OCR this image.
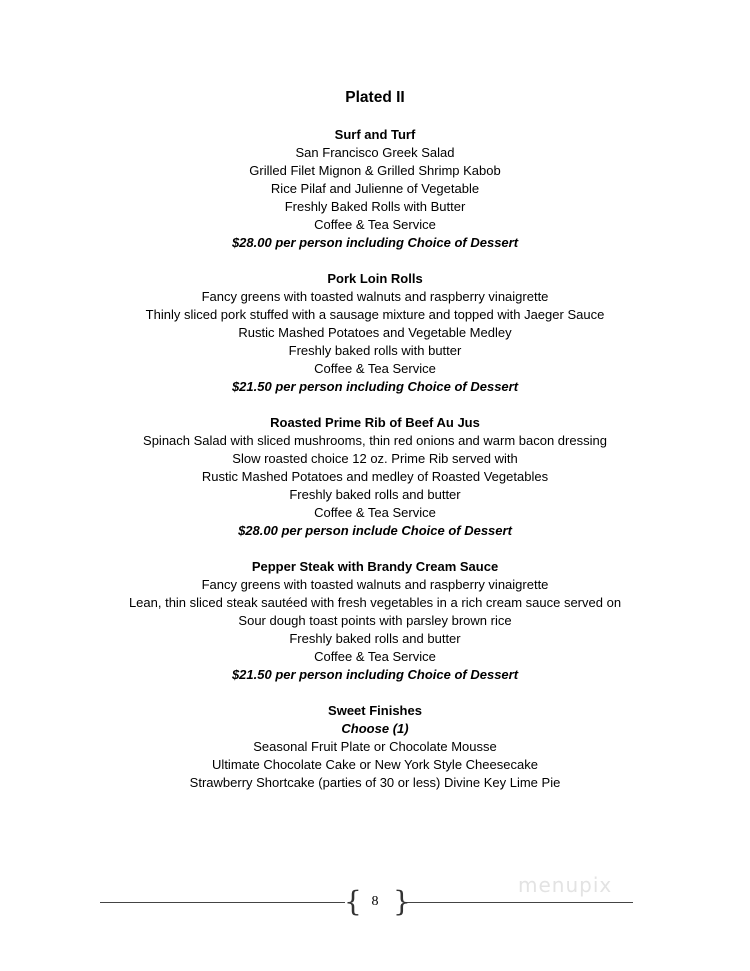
Plated II
Surf and Turf
San Francisco Greek Salad
Grilled Filet Mignon & Grilled Shrimp Kabob
Rice Pilaf and Julienne of Vegetable
Freshly Baked Rolls with Butter
Coffee & Tea Service
$28.00 per person including Choice of Dessert
Pork Loin Rolls
Fancy greens with toasted walnuts and raspberry vinaigrette
Thinly sliced pork stuffed with a sausage mixture and topped with Jaeger Sauce
Rustic Mashed Potatoes and Vegetable Medley
Freshly baked rolls with butter
Coffee & Tea Service
$21.50 per person including Choice of Dessert
Roasted Prime Rib of Beef Au Jus
Spinach Salad with sliced mushrooms, thin red onions and warm bacon dressing
Slow roasted choice 12 oz. Prime Rib served with
Rustic Mashed Potatoes and medley of Roasted Vegetables
Freshly baked rolls and butter
Coffee & Tea Service
$28.00 per person include Choice of Dessert
Pepper Steak with Brandy Cream Sauce
Fancy greens with toasted walnuts and raspberry vinaigrette
Lean, thin sliced steak sautéed with fresh vegetables in a rich cream sauce served on
Sour dough toast points with parsley brown rice
Freshly baked rolls and butter
Coffee & Tea Service
$21.50 per person including Choice of Dessert
Sweet Finishes
Choose (1)
Seasonal Fruit Plate or Chocolate Mousse
Ultimate Chocolate Cake or New York Style Cheesecake
Strawberry Shortcake (parties of 30 or less) Divine Key Lime Pie
menupix
{ }
8
